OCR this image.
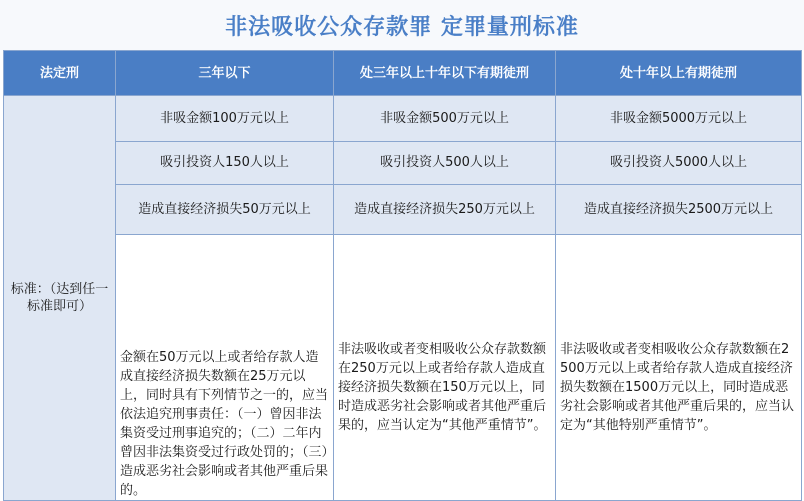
非法吸收公众存款罪 定罪量刑标准
法定刑	三年以下	处三年以上十年以下有期徒刑	处十年以上有期徒刑
标准：（达到任一标准即可）	非吸金额100万元以上	非吸金额500万元以上	非吸金额5000万元以上
	吸引投资人150人以上	吸引投资人500人以上	吸引投资人5000人以上
	造成直接经济损失50万元以上	造成直接经济损失250万元以上	造成直接经济损失2500万元以上
	金额在50万元以上或者给存款人造成直接经济损失数额在25万元以上，同时具有下列情节之一的，应当依法追究刑事责任：（一）曾因非法集资受过刑事追究的；（二）二年内曾因非法集资受过行政处罚的；（三）造成恶劣社会影响或者其他严重后果的。	非法吸收或者变相吸收公众存款数额在250万元以上或者给存款人造成直接经济损失数额在150万元以上，同时造成恶劣社会影响或者其他严重后果的，应当认定为“其他严重情节”。	非法吸收或者变相吸收公众存款数额在2500万元以上或者给存款人造成直接经济损失数额在1500万元以上，同时造成恶劣社会影响或者其他严重后果的，应当认定为“其他特别严重情节”。
